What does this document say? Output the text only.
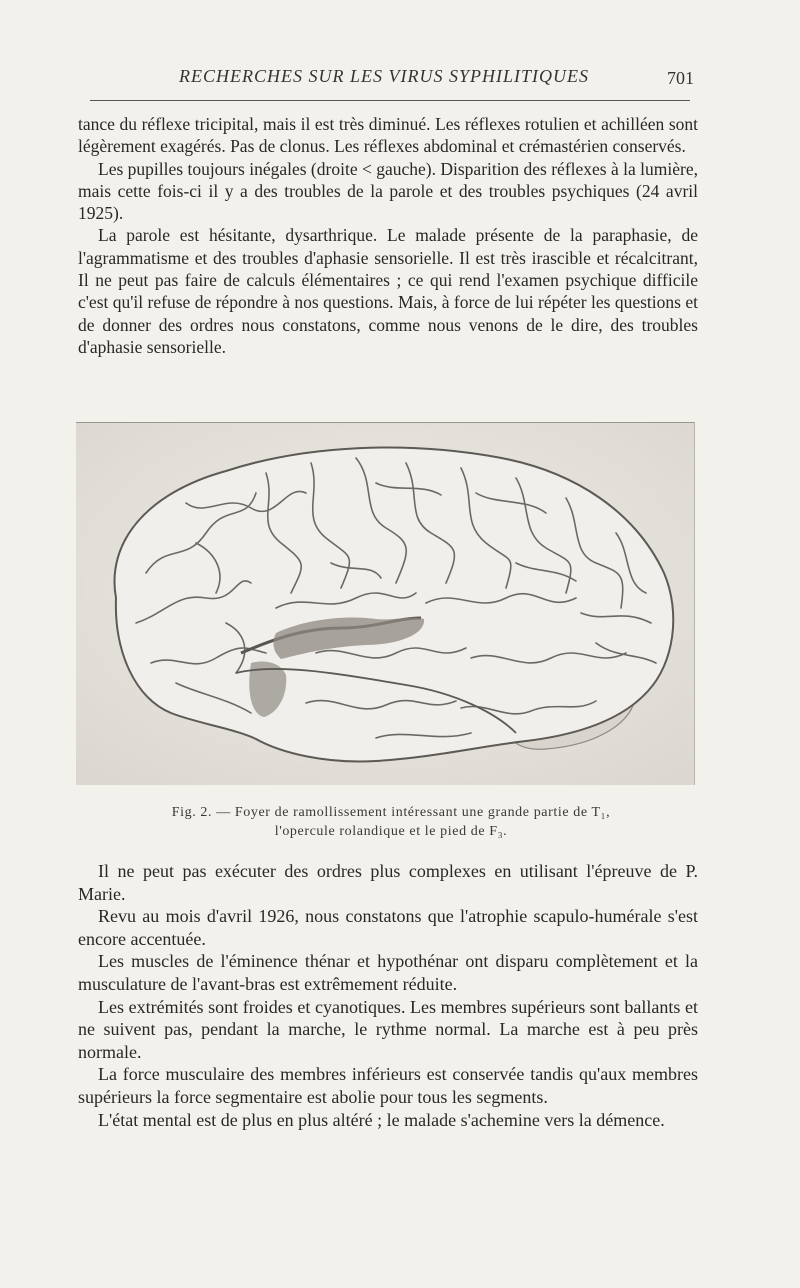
RECHERCHES SUR LES VIRUS SYPHILITIQUES	701

tance du réflexe tricipital, mais il est très diminué. Les réflexes rotulien et achilléen sont légèrement exagérés. Pas de clonus. Les réflexes abdominal et crémastérien conservés.

Les pupilles toujours inégales (droite < gauche). Disparition des réflexes à la lumière, mais cette fois-ci il y a des troubles de la parole et des troubles psychiques (24 avril 1925).

La parole est hésitante, dysarthrique. Le malade présente de la paraphasie, de l'agrammatisme et des troubles d'aphasie sensorielle. Il est très irascible et récalcitrant, Il ne peut pas faire de calculs élémentaires ; ce qui rend l'examen psychique difficile c'est qu'il refuse de répondre à nos questions. Mais, à force de lui répéter les questions et de donner des ordres nous constatons, comme nous venons de le dire, des troubles d'aphasie sensorielle.

Fig. 2. — Foyer de ramollissement intéressant une grande partie de T₁,
l'opercule rolandique et le pied de F₃.

Il ne peut pas exécuter des ordres plus complexes en utilisant l'épreuve de P. Marie.

Revu au mois d'avril 1926, nous constatons que l'atrophie scapulo-humérale s'est encore accentuée.

Les muscles de l'éminence thénar et hypothénar ont disparu complètement et la musculature de l'avant-bras est extrêmement réduite.

Les extrémités sont froides et cyanotiques. Les membres supérieurs sont ballants et ne suivent pas, pendant la marche, le rythme normal. La marche est à peu près normale.

La force musculaire des membres inférieurs est conservée tandis qu'aux membres supérieurs la force segmentaire est abolie pour tous les segments.

L'état mental est de plus en plus altéré ; le malade s'achemine vers la démence.
